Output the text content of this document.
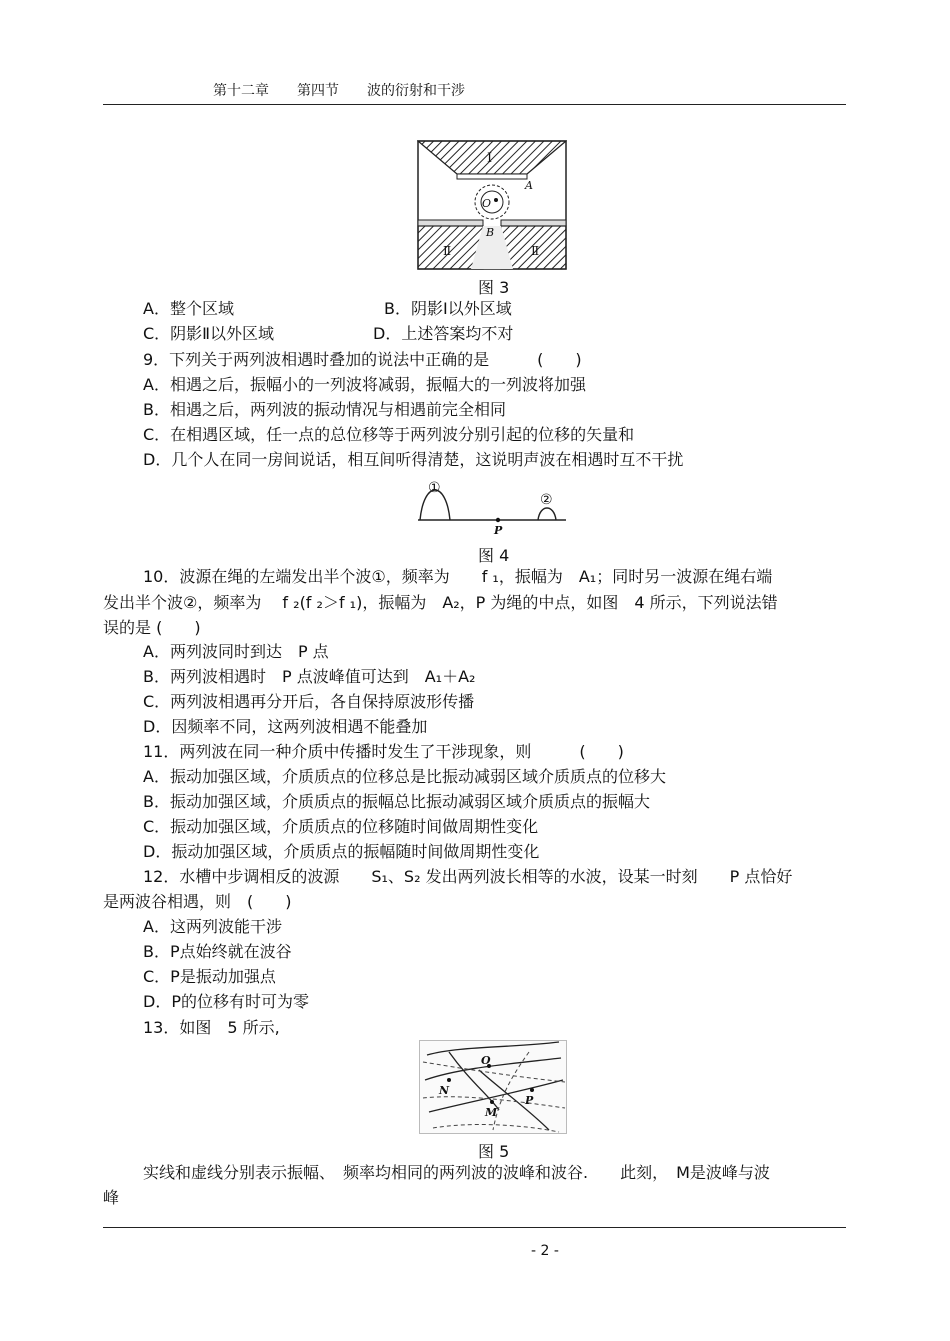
第十二章　　第四节　　波的衍射和干涉
Ⅰ
A
O
B
Ⅱ	Ⅱ
图 3
A．整个区域	B．阴影Ⅰ以外区域
C．阴影Ⅱ以外区域	D．上述答案均不对
9．下列关于两列波相遇时叠加的说法中正确的是　　　(　　)
A．相遇之后，振幅小的一列波将减弱，振幅大的一列波将加强
B．相遇之后，两列波的振动情况与相遇前完全相同
C．在相遇区域，任一点的总位移等于两列波分别引起的位移的矢量和
D．几个人在同一房间说话，相互间听得清楚，这说明声波在相遇时互不干扰
①
②
P
图 4
10．波源在绳的左端发出半个波①，频率为　　f ₁，振幅为　A₁；同时另一波源在绳右端
发出半个波②，频率为　 f ₂(f ₂＞f ₁)，振幅为　A₂，P 为绳的中点，如图　4 所示，下列说法错
误的是 (　　)
A．两列波同时到达　P 点
B．两列波相遇时　P 点波峰值可达到　A₁＋A₂
C．两列波相遇再分开后，各自保持原波形传播
D．因频率不同，这两列波相遇不能叠加
11．两列波在同一种介质中传播时发生了干涉现象，则　　　(　　)
A．振动加强区域，介质质点的位移总是比振动减弱区域介质质点的位移大
B．振动加强区域，介质质点的振幅总比振动减弱区域介质质点的振幅大
C．振动加强区域，介质质点的位移随时间做周期性变化
D．振动加强区域，介质质点的振幅随时间做周期性变化
12．水槽中步调相反的波源　　S₁、S₂ 发出两列波长相等的水波，设某一时刻　　P 点恰好
是两波谷相遇，则　(　　)
A．这两列波能干涉
B．P点始终就在波谷
C．P是振动加强点
D．P的位移有时可为零
13．如图　5 所示,
O
N
M
P
图 5
实线和虚线分别表示振幅、　频率均相同的两列波的波峰和波谷.　　此刻，　M是波峰与波
峰
- 2 -
